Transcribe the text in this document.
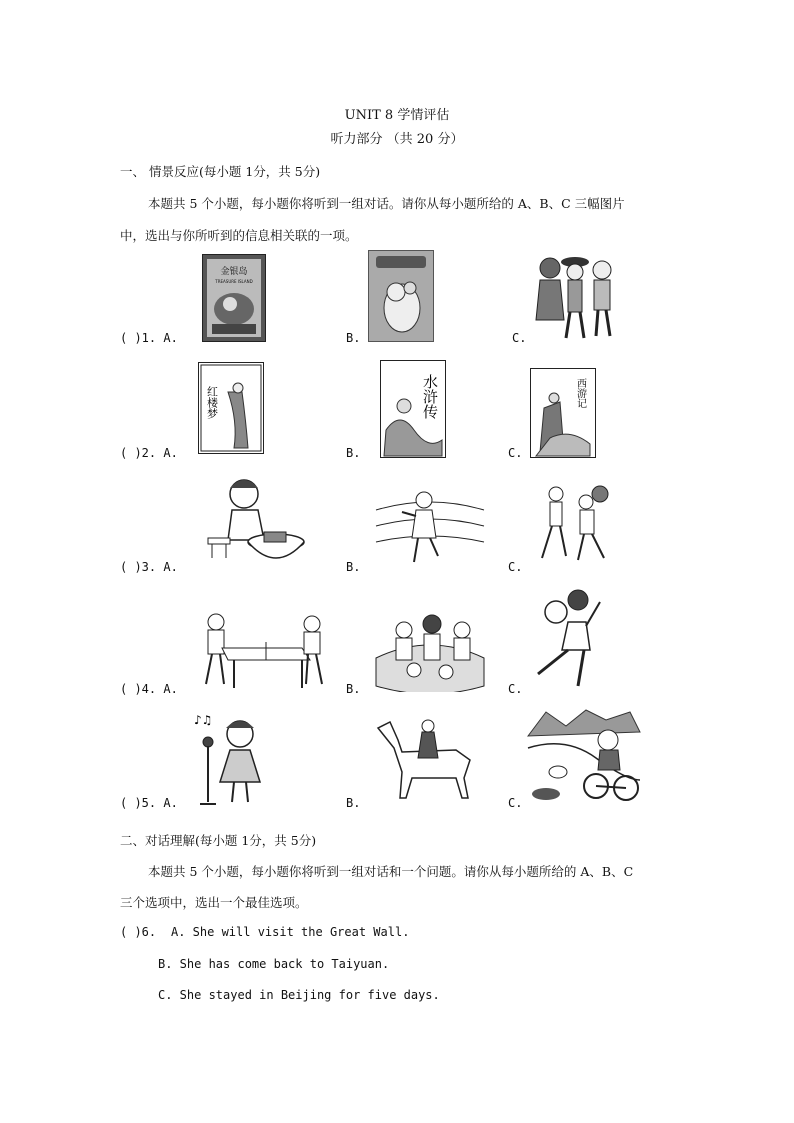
UNIT 8 学情评估
听力部分 （共 20 分）
一、 情景反应(每小题 1分，共 5分)
本题共 5 个小题，每小题你将听到一组对话。请你从每小题所给的 A、B、C 三幅图片
中，选出与你所听到的信息相关联的一项。
( )1. A.	B.	C.
金银岛
TREASURE ISLAND
( )2. A.	B.	C.
红楼梦	水浒传	西游记
( )3. A.	B.	C.
( )4. A.	B.	C.
( )5. A.	B.	C.
♪♫
二、对话理解(每小题 1分，共 5分)
本题共 5 个小题，每小题你将听到一组对话和一个问题。请你从每小题所给的 A、B、C
三个选项中，选出一个最佳选项。
( )6. A. She will visit the Great Wall.
B. She has come back to Taiyuan.
C. She stayed in Beijing for five days.
